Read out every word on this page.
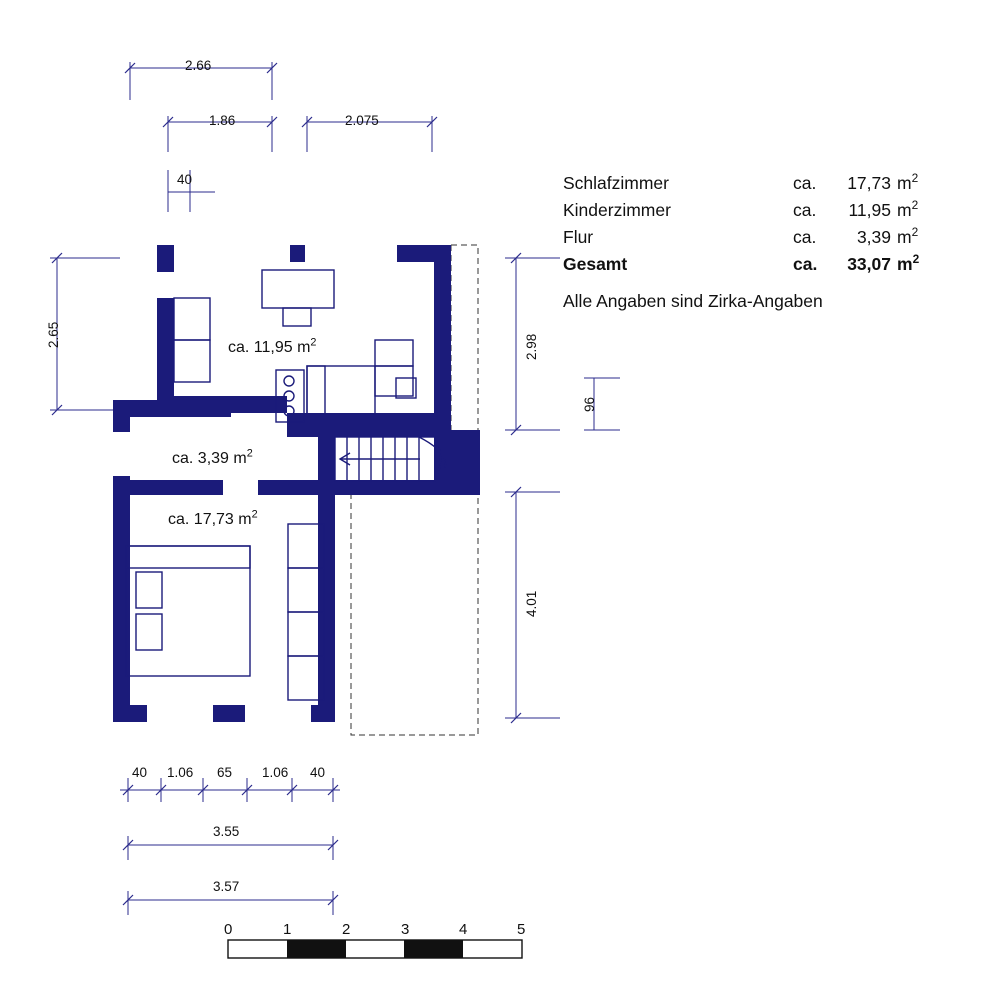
Schlafzimmer	ca.	17,73 $m^2$
Kinderzimmer	ca.	11,95 $m^2$
Flur	ca.	3,39 $m^2$
Gesamt	ca.	33,07 $m^2$
Alle Angaben sind Zirka-Angaben
ca. 11,95 $m^2$
ca. 3,39 $m^2$
ca. 17,73 $m^2$
2.66
1.86	2.075
40
2.65	2.98
96
4.01
40 1.06 65 1.06 40
3.55
3.57
0	1	2	3	4	5
